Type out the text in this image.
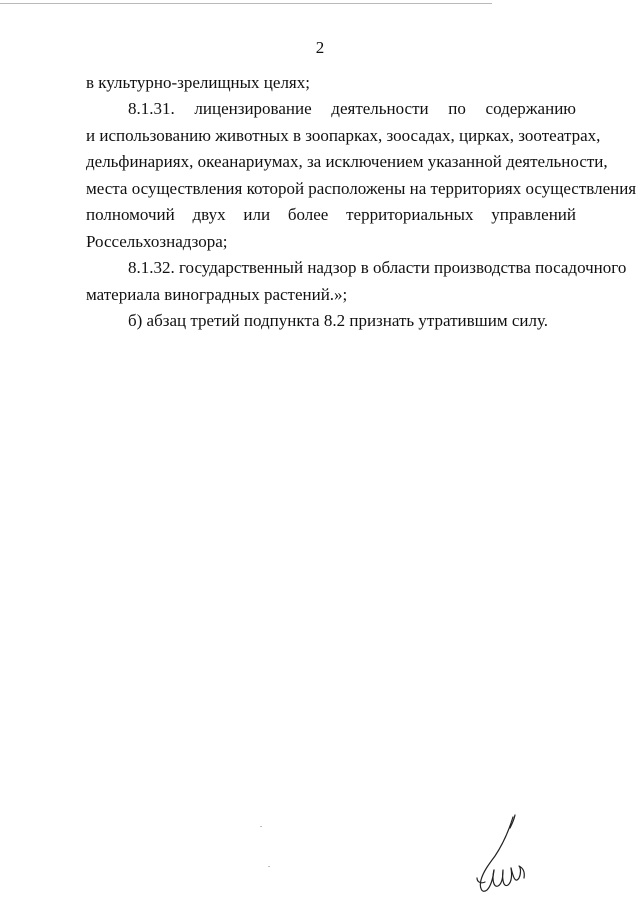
2

в культурно-зрелищных целях;

8.1.31. лицензирование деятельности по содержанию
и использованию животных в зоопарках, зоосадах, цирках, зоотеатрах,
дельфинариях, океанариумах, за исключением указанной деятельности,
места осуществления которой расположены на территориях осуществления
полномочий двух или более территориальных управлений
Россельхознадзора;

8.1.32. государственный надзор в области производства посадочного
материала виноградных растений.»;

б) абзац третий подпункта 8.2 признать утратившим силу.
